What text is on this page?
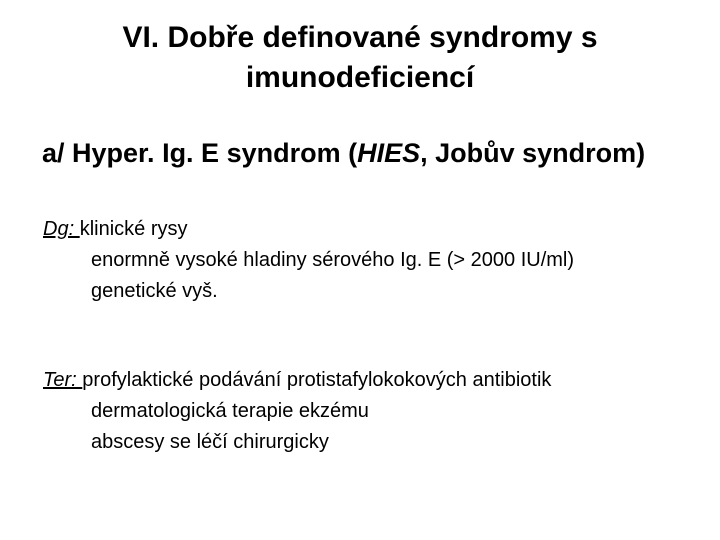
VI. Dobře definované syndromy s
imunodeficiencí
a/ Hyper. Ig. E syndrom (HIES, Jobův syndrom)
Dg: klinické rysy
enormně vysoké hladiny sérového Ig. E (> 2000 IU/ml)
genetické vyš.
Ter: profylaktické podávání protistafylokokových antibiotik
dermatologická terapie ekzému
abscesy se léčí chirurgicky
